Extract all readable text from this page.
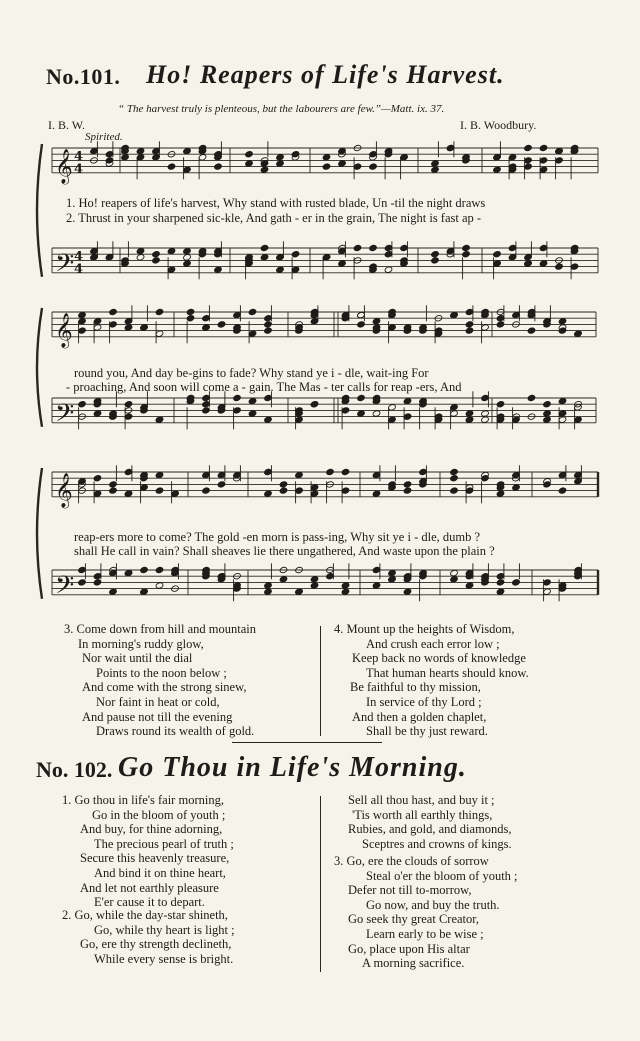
No.101. Ho! Reapers of Life's Harvest.
“ The harvest truly is plenteous, but the labourers are few.”—Matt. ix. 37.
I. B. W.	I. B. Woodbury.
Spirited.
𝄞 4
4
𝄢 4
4
𝄞
𝄢
𝄞
𝄢
1. Ho! reapers of life's harvest, Why stand with rusted blade, Un -til the night draws
2. Thrust in your sharpened sic-kle, And gath - er in the grain, The night is fast ap -
round you, And day be-gins to fade? Why stand ye i - dle, wait-ing For
- proaching, And soon will come a - gain. The Mas - ter calls for reap -ers, And
reap-ers more to come? The gold -en morn is pass-ing, Why sit ye i - dle, dumb ?
shall He call in vain? Shall sheaves lie there ungathered, And waste upon the plain ?
3. Come down from hill and mountain
In morning's ruddy glow,
Nor wait until the dial
Points to the noon below ;
And come with the strong sinew,
Nor faint in heat or cold,
And pause not till the evening
Draws round its wealth of gold.
4. Mount up the heights of Wisdom,
And crush each error low ;
Keep back no words of knowledge
That human hearts should know.
Be faithful to thy mission,
In service of thy Lord ;
And then a golden chaplet,
Shall be thy just reward.
No. 102. Go Thou in Life's Morning.
1. Go thou in life's fair morning,
Go in the bloom of youth ;
And buy, for thine adorning,
The precious pearl of truth ;
Secure this heavenly treasure,
And bind it on thine heart,
And let not earthly pleasure
E'er cause it to depart.
2. Go, while the day-star shineth,
Go, while thy heart is light ;
Go, ere thy strength declineth,
While every sense is bright.
Sell all thou hast, and buy it ;
'Tis worth all earthly things,
Rubies, and gold, and diamonds,
Sceptres and crowns of kings.
3. Go, ere the clouds of sorrow
Steal o'er the bloom of youth ;
Defer not till to-morrow,
Go now, and buy the truth.
Go seek thy great Creator,
Learn early to be wise ;
Go, place upon His altar
A morning sacrifice.
